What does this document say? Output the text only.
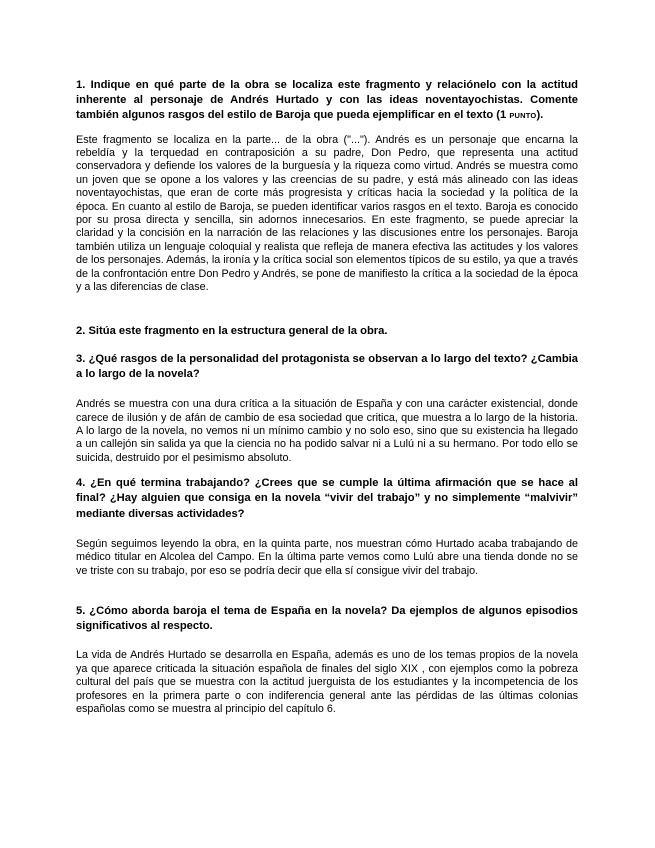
1. Indique en qué parte de la obra se localiza este fragmento y relaciónelo con la actitud inherente al personaje de Andrés Hurtado y con las ideas noventayochistas. Comente también algunos rasgos del estilo de Baroja que pueda ejemplificar en el texto (1 PUNTO).

Este fragmento se localiza en la parte... de la obra ("..."). Andrés es un personaje que encarna la rebeldía y la terquedad en contraposición a su padre, Don Pedro, que representa una actitud conservadora y defiende los valores de la burguesía y la riqueza como virtud. Andrés se muestra como un joven que se opone a los valores y las creencias de su padre, y está más alineado con las ideas noventayochistas, que eran de corte más progresista y críticas hacia la sociedad y la política de la época. En cuanto al estilo de Baroja, se pueden identificar varios rasgos en el texto. Baroja es conocido por su prosa directa y sencilla, sin adornos innecesarios. En este fragmento, se puede apreciar la claridad y la concisión en la narración de las relaciones y las discusiones entre los personajes. Baroja también utiliza un lenguaje coloquial y realista que refleja de manera efectiva las actitudes y los valores de los personajes. Además, la ironía y la crítica social son elementos típicos de su estilo, ya que a través de la confrontación entre Don Pedro y Andrés, se pone de manifiesto la crítica a la sociedad de la época y a las diferencias de clase.

2. Sitúa este fragmento en la estructura general de la obra.

3. ¿Qué rasgos de la personalidad del protagonista se observan a lo largo del texto? ¿Cambia a lo largo de la novela?

Andrés se muestra con una dura crítica a la situación de España y con una carácter existencial, donde carece de ilusión y de afán de cambio de esa sociedad que critica, que muestra a lo largo de la historia. A lo largo de la novela, no vemos ni un mínimo cambio y no solo eso, sino que su existencia ha llegado a un callejón sin salida ya que la ciencia no ha podido salvar ni a Lulú ni a su hermano. Por todo ello se suicida, destruido por el pesimismo absoluto.

4. ¿En qué termina trabajando? ¿Crees que se cumple la última afirmación que se hace al final? ¿Hay alguien que consiga en la novela “vivir del trabajo” y no simplemente “malvivir” mediante diversas actividades?

Según seguimos leyendo la obra, en la quinta parte, nos muestran cómo Hurtado acaba trabajando de médico titular en Alcolea del Campo. En la última parte vemos como Lulú abre una tienda donde no se ve triste con su trabajo, por eso se podría decir que ella sí consigue vivir del trabajo.

5. ¿Cómo aborda baroja el tema de España en la novela? Da ejemplos de algunos episodios significativos al respecto.

La vida de Andrés Hurtado se desarrolla en España, además es uno de los temas propios de la novela ya que aparece criticada la situación española de finales del siglo XIX , con ejemplos como la pobreza cultural del país que se muestra con la actitud juerguista de los estudiantes y la incompetencia de los profesores en la primera parte o con indiferencia general ante las pérdidas de las últimas colonias españolas como se muestra al principio del capítulo 6.
